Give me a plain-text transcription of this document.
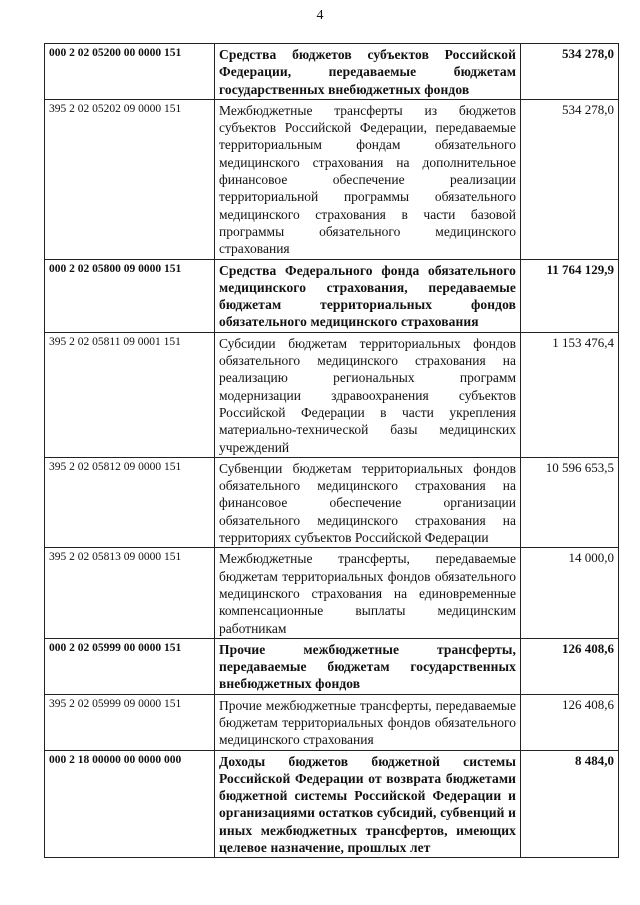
4
000 2 02 05200 00 0000 151	Средства бюджетов субъектов Российской Федерации, передаваемые бюджетам государственных внебюджетных фондов	534 278,0
395 2 02 05202 09 0000 151	Межбюджетные трансферты из бюджетов субъектов Российской Федерации, передаваемые территориальным фондам обязательного медицинского страхования на дополнительное финансовое обеспечение реализации территориальной программы обязательного медицинского страхования в части базовой программы обязательного медицинского страхования	534 278,0
000 2 02 05800 09 0000 151	Средства Федерального фонда обязательного медицинского страхования, передаваемые бюджетам территориальных фондов обязательного медицинского страхования	11 764 129,9
395 2 02 05811 09 0001 151	Субсидии бюджетам территориальных фондов обязательного медицинского страхования на реализацию региональных программ модернизации здравоохранения субъектов Российской Федерации в части укрепления материально-технической базы медицинских учреждений	1 153 476,4
395 2 02 05812 09 0000 151	Субвенции бюджетам территориальных фондов обязательного медицинского страхования на финансовое обеспечение организации обязательного медицинского страхования на территориях субъектов Российской Федерации	10 596 653,5
395 2 02 05813 09 0000 151	Межбюджетные трансферты, передаваемые бюджетам территориальных фондов обязательного медицинского страхования на единовременные компенсационные выплаты медицинским работникам	14 000,0
000 2 02 05999 00 0000 151	Прочие межбюджетные трансферты, передаваемые бюджетам государственных внебюджетных фондов	126 408,6
395 2 02 05999 09 0000 151	Прочие межбюджетные трансферты, передаваемые бюджетам территориальных фондов обязательного медицинского страхования	126 408,6
000 2 18 00000 00 0000 000	Доходы бюджетов бюджетной системы Российской Федерации от возврата бюджетами бюджетной системы Российской Федерации и организациями остатков субсидий, субвенций и иных межбюджетных трансфертов, имеющих целевое назначение, прошлых лет	8 484,0
